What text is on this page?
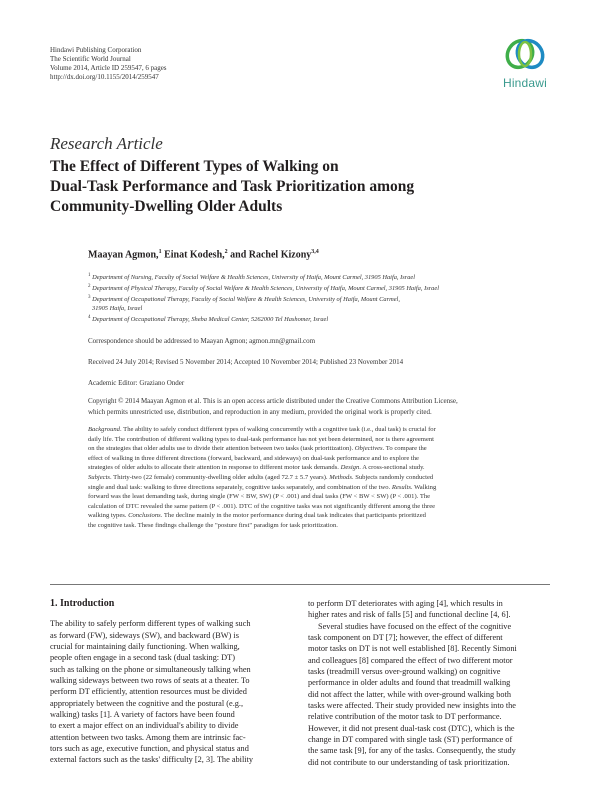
Hindawi Publishing Corporation
The Scientific World Journal
Volume 2014, Article ID 259547, 6 pages
http://dx.doi.org/10.1155/2014/259547	Hindawi
Research Article
The Effect of Different Types of Walking on
Dual-Task Performance and Task Prioritization among
Community-Dwelling Older Adults
Maayan Agmon,$^1$ Einat Kodesh,$^2$ and Rachel Kizony$^{3,4}$
$^1$ Department of Nursing, Faculty of Social Welfare & Health Sciences, University of Haifa, Mount Carmel, 31905 Haifa, Israel
$^2$ Department of Physical Therapy, Faculty of Social Welfare & Health Sciences, University of Haifa, Mount Carmel, 31905 Haifa, Israel
$^3$ Department of Occupational Therapy, Faculty of Social Welfare & Health Sciences, University of Haifa, Mount Carmel,
31905 Haifa, Israel
$^4$ Department of Occupational Therapy, Sheba Medical Center, 5262000 Tel Hashomer, Israel
Correspondence should be addressed to Maayan Agmon; agmon.mn@gmail.com
Received 24 July 2014; Revised 5 November 2014; Accepted 10 November 2014; Published 23 November 2014
Academic Editor: Graziano Onder
Copyright © 2014 Maayan Agmon et al. This is an open access article distributed under the Creative Commons Attribution License,
which permits unrestricted use, distribution, and reproduction in any medium, provided the original work is properly cited.
Background. The ability to safely conduct different types of walking concurrently with a cognitive task (i.e., dual task) is crucial for
daily life. The contribution of different walking types to dual-task performance has not yet been determined, nor is there agreement
on the strategies that older adults use to divide their attention between two tasks (task prioritization). Objectives. To compare the
effect of walking in three different directions (forward, backward, and sideways) on dual-task performance and to explore the
strategies of older adults to allocate their attention in response to different motor task demands. Design. A cross-sectional study.
Subjects. Thirty-two (22 female) community-dwelling older adults (aged 72.7 ± 5.7 years). Methods. Subjects randomly conducted
single and dual task: walking to three directions separately, cognitive tasks separately, and combination of the two. Results. Walking
forward was the least demanding task, during single (FW < BW, SW) (P < .001) and dual tasks (FW < BW < SW) (P < .001). The
calculation of DTC revealed the same pattern (P < .001). DTC of the cognitive tasks was not significantly different among the three
walking types. Conclusions. The decline mainly in the motor performance during dual task indicates that participants prioritized
the cognitive task. These findings challenge the "posture first" paradigm for task prioritization.
1. Introduction
The ability to safely perform different types of walking such
as forward (FW), sideways (SW), and backward (BW) is
crucial for maintaining daily functioning. When walking,
people often engage in a second task (dual tasking: DT)
such as talking on the phone or simultaneously talking when
walking sideways between two rows of seats at a theater. To
perform DT efficiently, attention resources must be divided
appropriately between the cognitive and the postural (e.g.,
walking) tasks [1]. A variety of factors have been found
to exert a major effect on an individual's ability to divide
attention between two tasks. Among them are intrinsic fac-
tors such as age, executive function, and physical status and
external factors such as the tasks' difficulty [2, 3]. The ability
to perform DT deteriorates with aging [4], which results in
higher rates and risk of falls [5] and functional decline [4, 6].
Several studies have focused on the effect of the cognitive
task component on DT [7]; however, the effect of different
motor tasks on DT is not well established [8]. Recently Simoni
and colleagues [8] compared the effect of two different motor
tasks (treadmill versus over-ground walking) on cognitive
performance in older adults and found that treadmill walking
did not affect the latter, while with over-ground walking both
tasks were affected. Their study provided new insights into the
relative contribution of the motor task to DT performance.
However, it did not present dual-task cost (DTC), which is the
change in DT compared with single task (ST) performance of
the same task [9], for any of the tasks. Consequently, the study
did not contribute to our understanding of task prioritization.
